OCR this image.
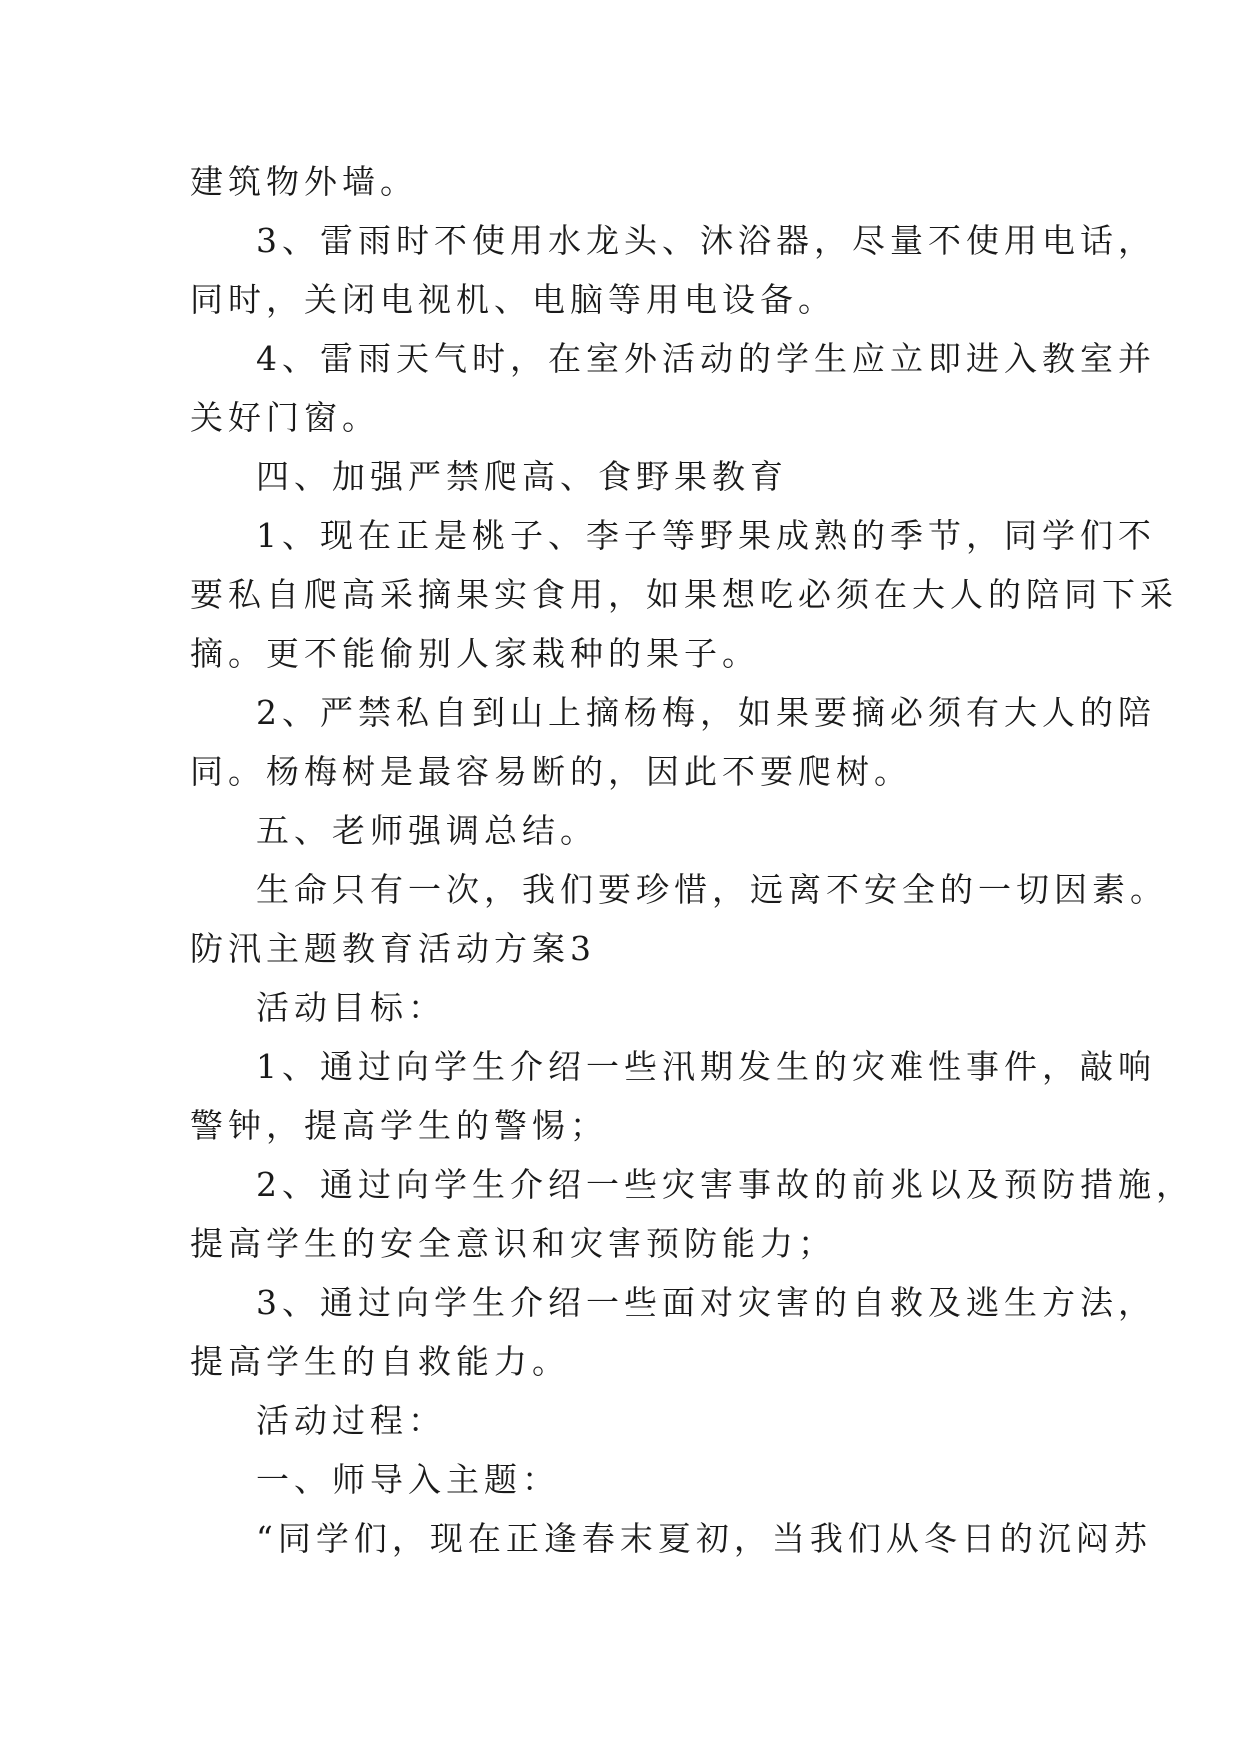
建筑物外墙。
3、雷雨时不使用水龙头、沐浴器，尽量不使用电话，
同时，关闭电视机、电脑等用电设备。
4、雷雨天气时，在室外活动的学生应立即进入教室并
关好门窗。
四、加强严禁爬高、食野果教育
1、现在正是桃子、李子等野果成熟的季节，同学们不
要私自爬高采摘果实食用，如果想吃必须在大人的陪同下采
摘。更不能偷别人家栽种的果子。
2、严禁私自到山上摘杨梅，如果要摘必须有大人的陪
同。杨梅树是最容易断的，因此不要爬树。
五、老师强调总结。
生命只有一次，我们要珍惜，远离不安全的一切因素。
防汛主题教育活动方案3
活动目标：
1、通过向学生介绍一些汛期发生的灾难性事件，敲响
警钟，提高学生的警惕；
2、通过向学生介绍一些灾害事故的前兆以及预防措施，
提高学生的安全意识和灾害预防能力；
3、通过向学生介绍一些面对灾害的自救及逃生方法，
提高学生的自救能力。
活动过程：
一、师导入主题：
“同学们，现在正逢春末夏初，当我们从冬日的沉闷苏
